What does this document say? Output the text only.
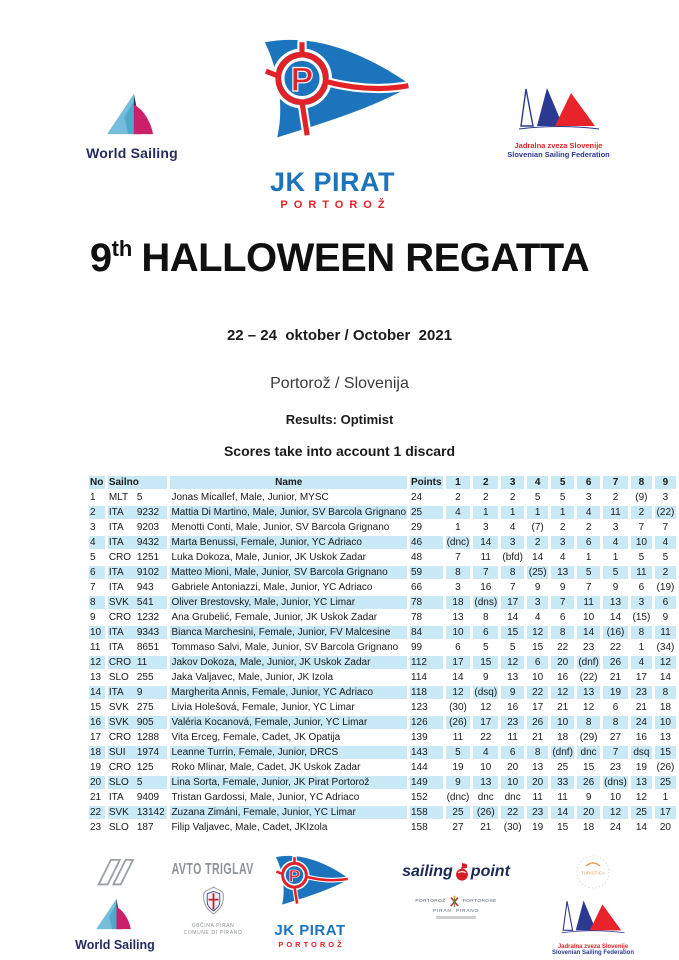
World Sailing
P
JK PIRAT
PORTOROŽ
Jadralna zveza Slovenije
Slovenian Sailing Federation
9th HALLOWEEN REGATTA
22 – 24  oktober / October  2021
Portorož / Slovenija
Results: Optimist
Scores take into account 1 discard
No	Sailno	Name	Points	1	2	3	4	5	6	7	8	9
1	MLT 5	Jonas Micallef, Male, Junior, MYSC	24	2	2	2	5	5	3	2	(9)	3
2	ITA 9232	Mattia Di Martino, Male, Junior, SV Barcola Grignano	25	4	1	1	1	1	4	11	2	(22)
3	ITA 9203	Menotti Conti, Male, Junior, SV Barcola Grignano	29	1	3	4	(7)	2	2	3	7	7
4	ITA 9432	Marta Benussi, Female, Junior, YC Adriaco	46	(dnc)	14	3	2	3	6	4	10	4
5	CRO 1251	Luka Dokoza, Male, Junior, JK Uskok Zadar	48	7	11	(bfd)	14	4	1	1	5	5
6	ITA 9102	Matteo Mioni, Male, Junior, SV Barcola Grignano	59	8	7	8	(25)	13	5	5	11	2
7	ITA 943	Gabriele Antoniazzi, Male, Junior, YC Adriaco	66	3	16	7	9	9	7	9	6	(19)
8	SVK 541	Oliver Brestovsky, Male, Junior, YC Limar	78	18	(dns)	17	3	7	11	13	3	6
9	CRO 1232	Ana Grubelić, Female, Junior, JK Uskok Zadar	78	13	8	14	4	6	10	14	(15)	9
10	ITA 9343	Bianca Marchesini, Female, Junior, FV Malcesine	84	10	6	15	12	8	14	(16)	8	11
11	ITA 8651	Tommaso Salvi, Male, Junior, SV Barcola Grignano	99	6	5	5	15	22	23	22	1	(34)
12	CRO 11	Jakov Dokoza, Male, Junior, JK Uskok Zadar	112	17	15	12	6	20	(dnf)	26	4	12
13	SLO 255	Jaka Valjavec, Male, Junior, JK Izola	114	14	9	13	10	16	(22)	21	17	14
14	ITA 9	Margherita Annis, Female, Junior, YC Adriaco	118	12	(dsq)	9	22	12	13	19	23	8
15	SVK 275	Livia Holešová, Female, Junior, YC Limar	123	(30)	12	16	17	21	12	6	21	18
16	SVK 905	Valéria Kocanová, Female, Junior, YC Limar	126	(26)	17	23	26	10	8	8	24	10
17	CRO 1288	Vita Erceg, Female, Cadet, JK Opatija	139	11	22	11	21	18	(29)	27	16	13
18	SUI 1974	Leanne Turrin, Female, Junior, DRCS	143	5	4	6	8	(dnf)	dnc	7	dsq	15
19	CRO 125	Roko Mlinar, Male, Cadet, JK Uskok Zadar	144	19	10	20	13	25	15	23	19	(26)
20	SLO 5	Lina Sorta, Female, Junior, JK Pirat Portorož	149	9	13	10	20	33	26	(dns)	13	25
21	ITA 9409	Tristan Gardossi, Male, Junior, YC Adriaco	152	(dnc)	dnc	dnc	11	11	9	10	12	1
22	SVK 13142	Zuzana Zimáni, Female, Junior, YC Limar	158	25	(26)	22	23	14	20	12	25	17
23	SLO 187	Filip Valjavec, Male, Cadet, JKIzola	158	27	21	(30)	19	15	18	24	14	20
World Sailing
AVTO TRIGLAV
OBČINA PIRAN
COMUNE DI PIRANO
P
JK PIRAT
PORTOROŽ
sailing point
PORTOROŽ	PORTOROSE
PIRAN  PIRANO
TURISTICA
Jadralna zveza Slovenije
Slovenian Sailing Federation
